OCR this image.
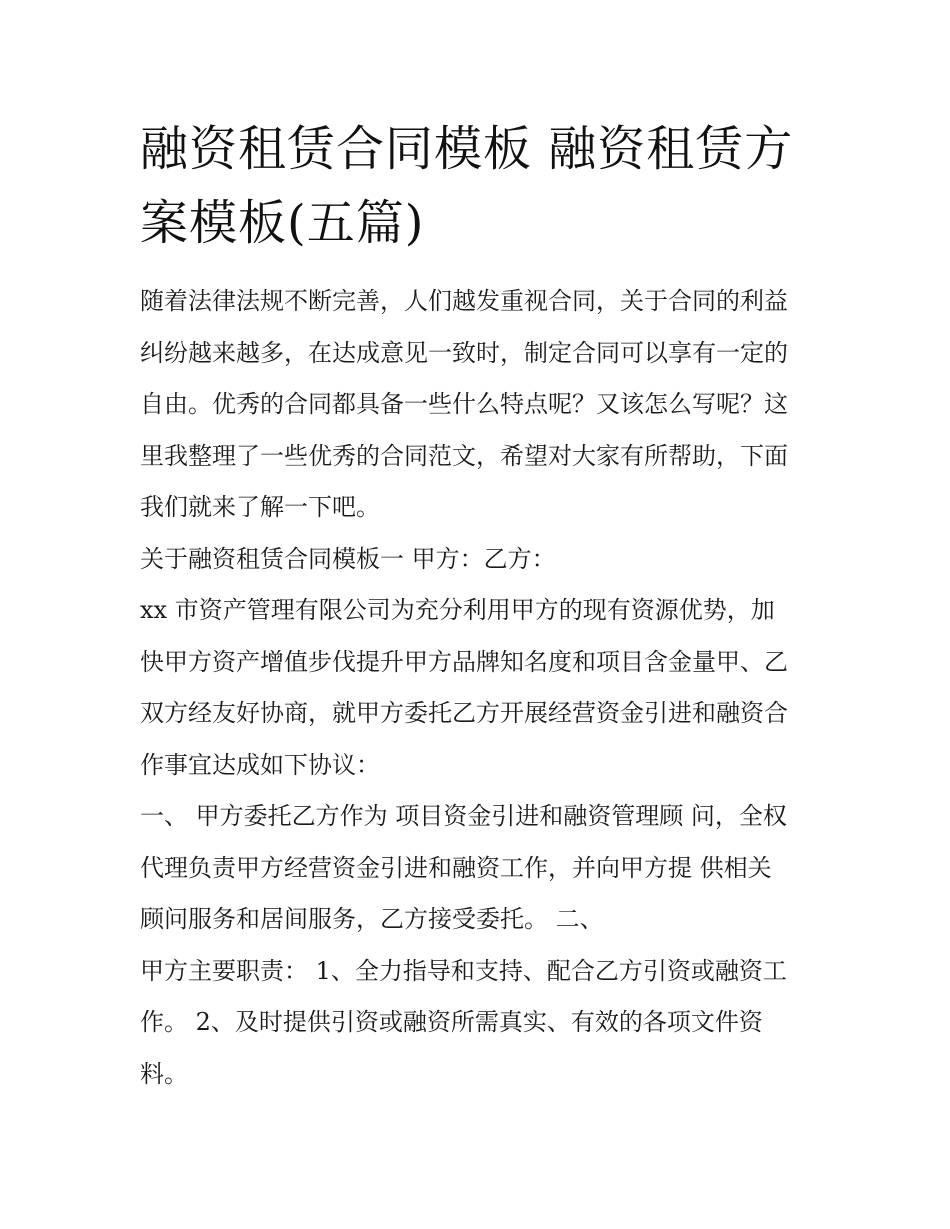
融资租赁合同模板 融资租赁方
案模板(五篇)
随着法律法规不断完善，人们越发重视合同，关于合同的利益
纠纷越来越多，在达成意见一致时，制定合同可以享有一定的
自由。优秀的合同都具备一些什么特点呢？又该怎么写呢？这
里我整理了一些优秀的合同范文，希望对大家有所帮助，下面
我们就来了解一下吧。
关于融资租赁合同模板一 甲方：乙方：
xx 市资产管理有限公司为充分利用甲方的现有资源优势，加
快甲方资产增值步伐提升甲方品牌知名度和项目含金量甲、乙
双方经友好协商，就甲方委托乙方开展经营资金引进和融资合
作事宜达成如下协议：
一、 甲方委托乙方作为 项目资金引进和融资管理顾 问，全权
代理负责甲方经营资金引进和融资工作，并向甲方提 供相关
顾问服务和居间服务，乙方接受委托。 二、
甲方主要职责： 1、全力指导和支持、配合乙方引资或融资工
作。 2、及时提供引资或融资所需真实、有效的各项文件资
料。
